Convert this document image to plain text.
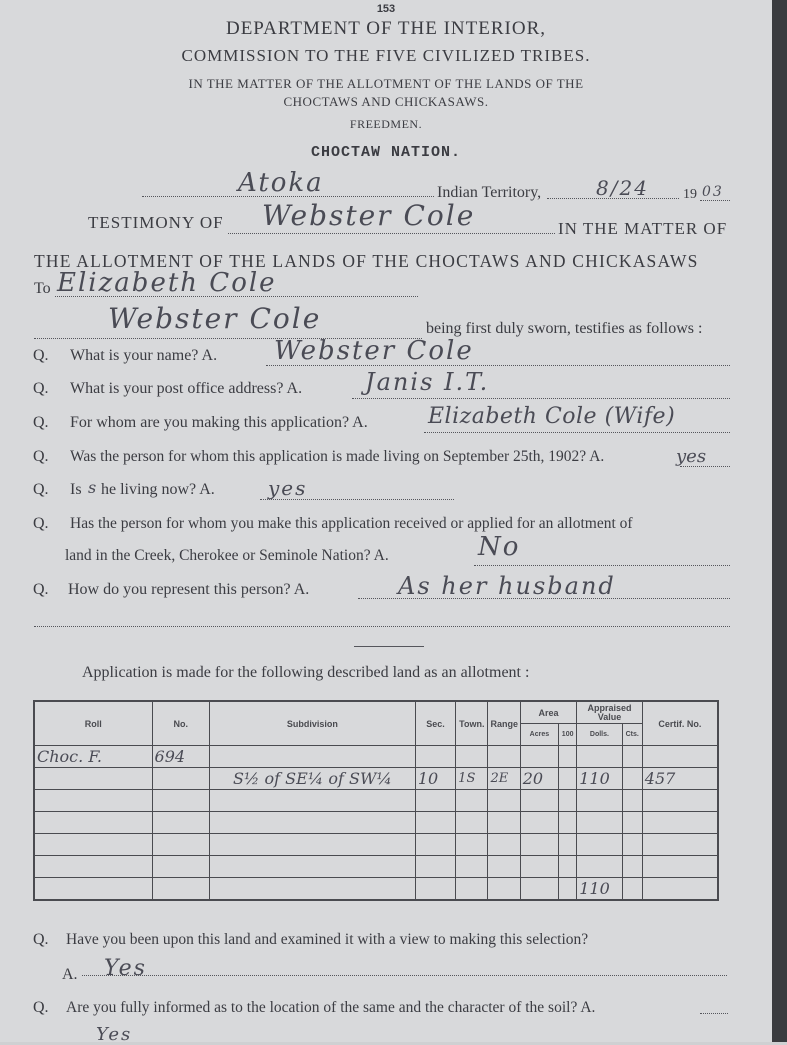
153
DEPARTMENT OF THE INTERIOR,
COMMISSION TO THE FIVE CIVILIZED TRIBES.
IN THE MATTER OF THE ALLOTMENT OF THE LANDS OF THE
CHOCTAWS AND CHICKASAWS.
FREEDMEN.
CHOCTAW NATION.
Atoka	Indian Territory,	8/24 19 03
TESTIMONY OF Webster Cole	IN THE MATTER OF
THE ALLOTMENT OF THE LANDS OF THE CHOCTAWS AND CHICKASAWS
To Elizabeth Cole
Webster Cole	being first duly sworn, testifies as follows :
Q. What is your name? A. Webster Cole
Q. What is your post office address? A.	Janis I.T.
Q. For whom are you making this application? A.	Elizabeth Cole (Wife)
Q. Was the person for whom this application is made living on September 25th, 1902? A.	yes
Q. Is s he living now? A.	yes
Q. Has the person for whom you make this application received or applied for an allotment of
land in the Creek, Cherokee or Seminole Nation? A.	No
Q. How do you represent this person? A.	As her husband
Application is made for the following described land as an allotment :
Roll	No.	Subdivision	Sec.	Town.	Range	Area		Appraised Value		Certif. No.
						Acres	100	Dolls.	Cts.	
Choc. F.	694									
		S½ of SE¼ of SW¼	10	1S	2E	20		110		457

								110		
Q. Have you been upon this land and examined it with a view to making this selection?
A. Yes
Q. Are you fully informed as to the location of the same and the character of the soil? A.
Yes
